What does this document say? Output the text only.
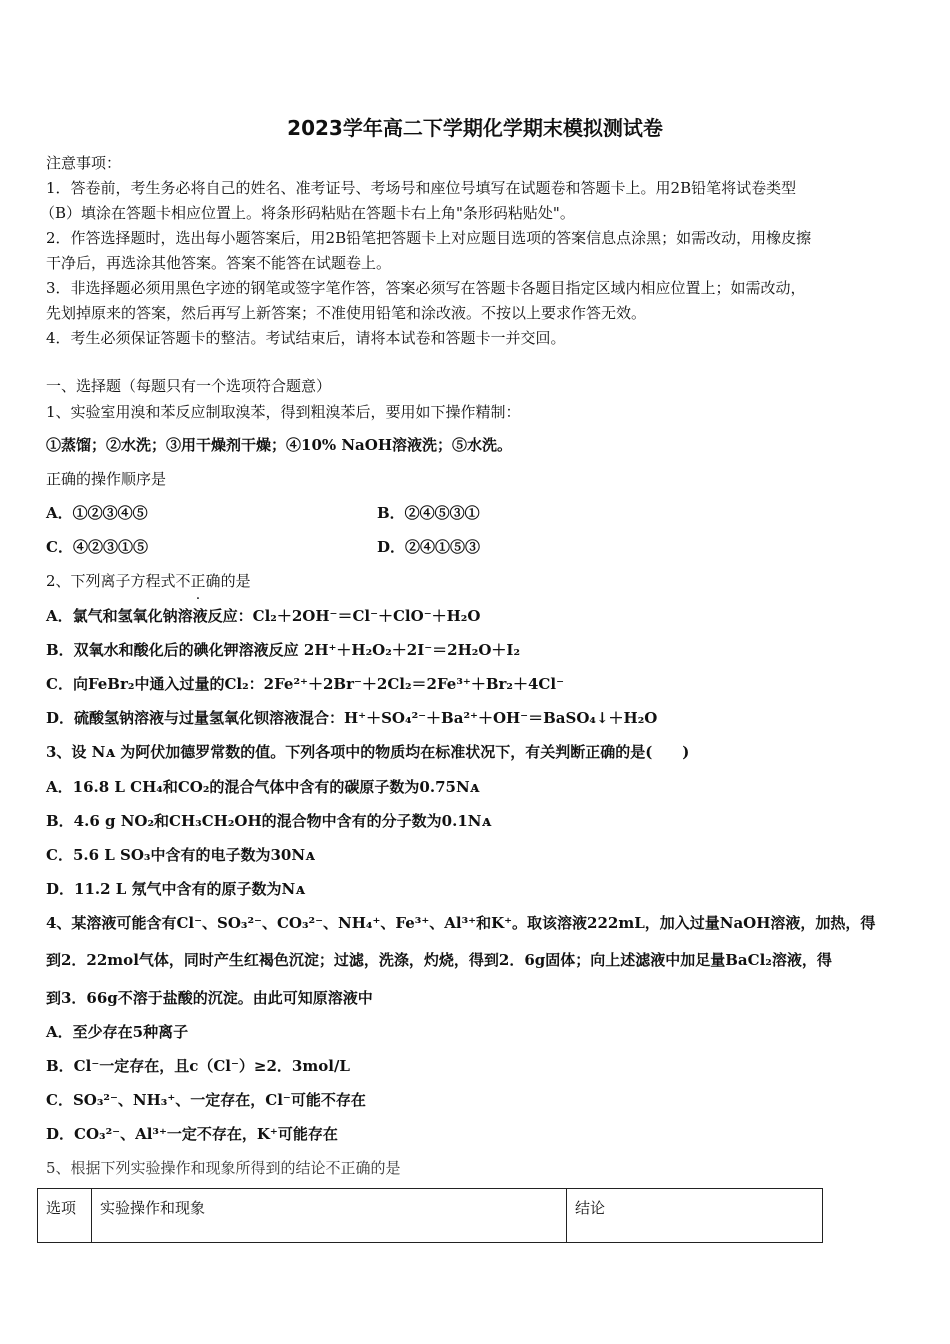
2023学年高二下学期化学期末模拟测试卷
注意事项：
1．答卷前，考生务必将自己的姓名、准考证号、考场号和座位号填写在试题卷和答题卡上。用2B铅笔将试卷类型
（B）填涂在答题卡相应位置上。将条形码粘贴在答题卡右上角"条形码粘贴处"。
2．作答选择题时，选出每小题答案后，用2B铅笔把答题卡上对应题目选项的答案信息点涂黑；如需改动，用橡皮擦
干净后，再选涂其他答案。答案不能答在试题卷上。
3．非选择题必须用黑色字迹的钢笔或签字笔作答，答案必须写在答题卡各题目指定区域内相应位置上；如需改动，
先划掉原来的答案，然后再写上新答案；不准使用铅笔和涂改液。不按以上要求作答无效。
4．考生必须保证答题卡的整洁。考试结束后，请将本试卷和答题卡一并交回。
一、选择题（每题只有一个选项符合题意）
1、实验室用溴和苯反应制取溴苯，得到粗溴苯后，要用如下操作精制：
①蒸馏；②水洗；③用干燥剂干燥；④10% NaOH溶液洗；⑤水洗。
正确的操作顺序是
A．①②③④⑤	B．②④⑤③①
C．④②③①⑤	D．②④①⑤③
2、下列离子方程式不正确的是
A．氯气和氢氧化钠溶液反应：Cl₂＋2OH⁻＝Cl⁻＋ClO⁻＋H₂O
B．双氧水和酸化后的碘化钾溶液反应 2H⁺＋H₂O₂＋2I⁻＝2H₂O＋I₂
C．向FeBr₂中通入过量的Cl₂：2Fe²⁺＋2Br⁻＋2Cl₂＝2Fe³⁺＋Br₂＋4Cl⁻
D．硫酸氢钠溶液与过量氢氧化钡溶液混合：H⁺＋SO₄²⁻＋Ba²⁺＋OH⁻＝BaSO₄↓＋H₂O
3、设 Nᴀ 为阿伏加德罗常数的值。下列各项中的物质均在标准状况下，有关判断正确的是(　　)
A．16.8 L CH₄和CO₂的混合气体中含有的碳原子数为0.75Nᴀ
B．4.6 g NO₂和CH₃CH₂OH的混合物中含有的分子数为0.1Nᴀ
C．5.6 L SO₃中含有的电子数为30Nᴀ
D．11.2 L 氖气中含有的原子数为Nᴀ
4、某溶液可能含有Cl⁻、SO₃²⁻、CO₃²⁻、NH₄⁺、Fe³⁺、Al³⁺和K⁺。取该溶液222mL，加入过量NaOH溶液，加热，得
到2．22mol气体，同时产生红褐色沉淀；过滤，洗涤，灼烧，得到2．6g固体；向上述滤液中加足量BaCl₂溶液，得
到3．66g不溶于盐酸的沉淀。由此可知原溶液中
A．至少存在5种离子
B．Cl⁻一定存在，且c（Cl⁻）≥2．3mol/L
C．SO₃²⁻、NH₃⁺、一定存在，Cl⁻可能不存在
D．CO₃²⁻、Al³⁺一定不存在，K⁺可能存在
5、根据下列实验操作和现象所得到的结论不正确的是
选项	实验操作和现象	结论
